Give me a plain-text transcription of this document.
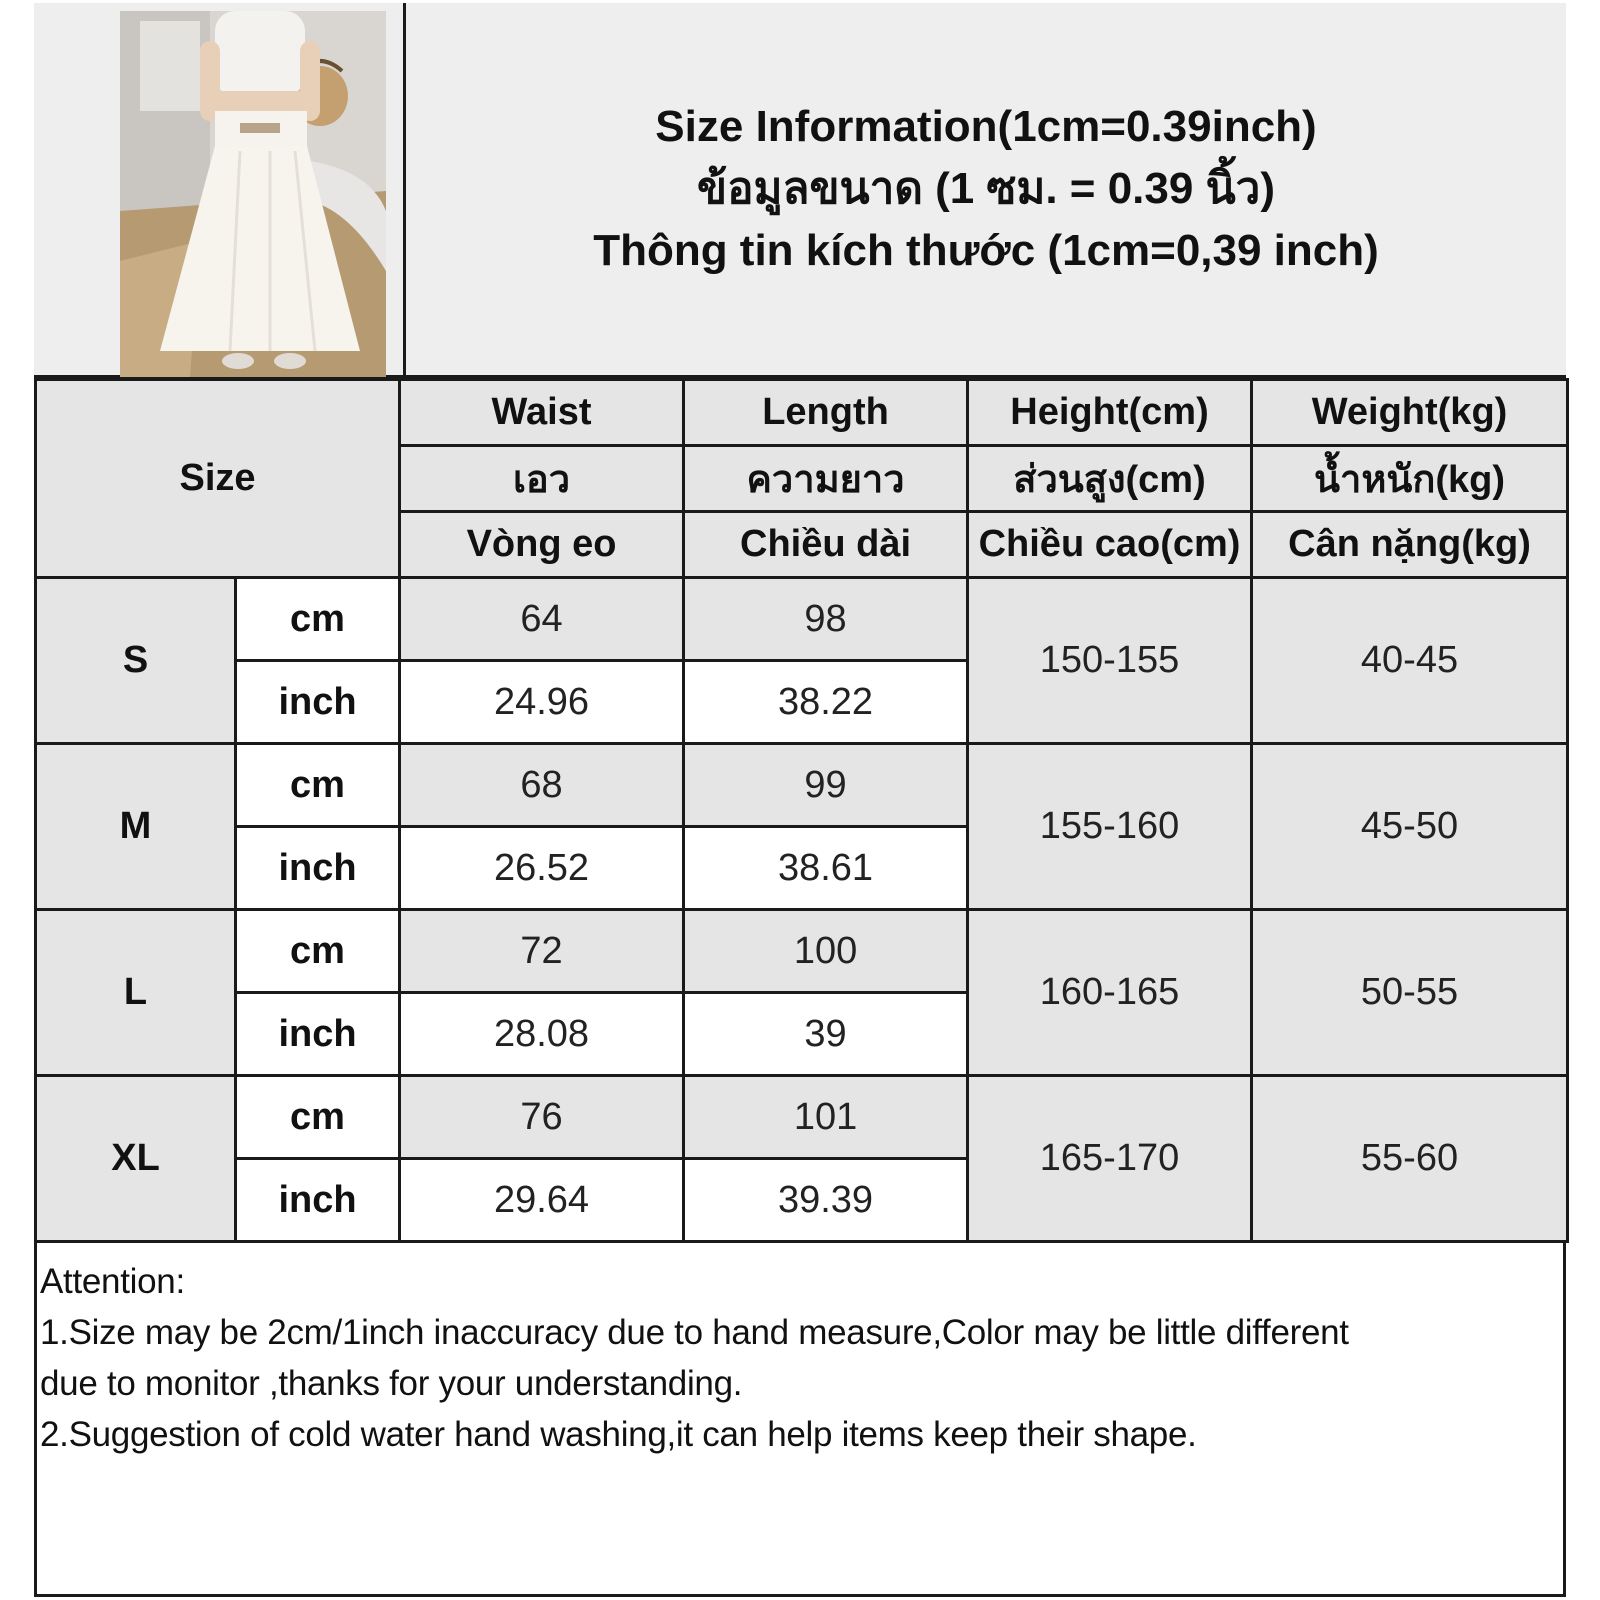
Size Information(1cm=0.39inch)
ข้อมูลขนาด (1 ซม. = 0.39 นิ้ว)
Thông tin kích thước (1cm=0,39 inch)
Size		Waist	Length	Height(cm)	Weight(kg)
		เอว	ความยาว	ส่วนสูง(cm)	น้ำหนัก(kg)
		Vòng eo	Chiều dài	Chiều cao(cm)	Cân nặng(kg)
S	cm	64	98	150-155	40-45
	inch	24.96	38.22		
M	cm	68	99	155-160	45-50
	inch	26.52	38.61		
L	cm	72	100	160-165	50-55
	inch	28.08	39		
XL	cm	76	101	165-170	55-60
	inch	29.64	39.39		
Attention:
1.Size may be 2cm/1inch inaccuracy due to hand measure,Color may be little different
due to monitor ,thanks for your understanding.
2.Suggestion of cold water hand washing,it can help items keep their shape.
